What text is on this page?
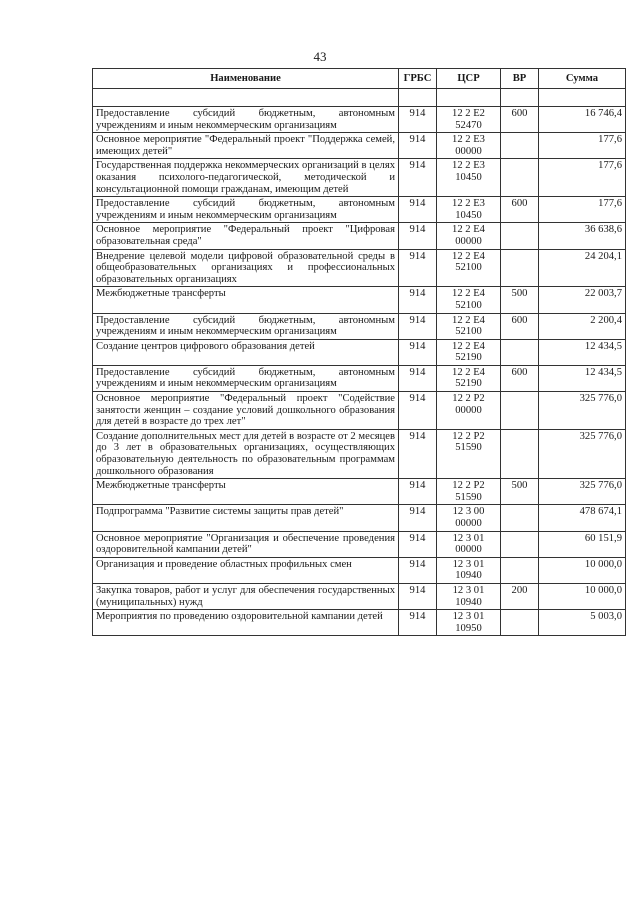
43
Наименование	ГРБС	ЦСР	ВР	Сумма

Предоставление субсидий бюджетным, автономным учреждениям и иным некоммерческим организациям	914	12 2 Е2 52470	600	16 746,4
Основное мероприятие "Федеральный проект "Поддержка семей, имеющих детей"	914	12 2 Е3 00000		177,6
Государственная поддержка некоммерческих организаций в целях оказания психолого-педагогической, методической и консультационной помощи гражданам, имеющим детей	914	12 2 Е3 10450		177,6
Предоставление субсидий бюджетным, автономным учреждениям и иным некоммерческим организациям	914	12 2 Е3 10450	600	177,6
Основное мероприятие "Федеральный проект "Цифровая образовательная среда"	914	12 2 Е4 00000		36 638,6
Внедрение целевой модели цифровой образовательной среды в общеобразовательных организациях и профессиональных образовательных организациях	914	12 2 Е4 52100		24 204,1
Межбюджетные трансферты	914	12 2 Е4 52100	500	22 003,7
Предоставление субсидий бюджетным, автономным учреждениям и иным некоммерческим организациям	914	12 2 Е4 52100	600	2 200,4
Создание центров цифрового образования детей	914	12 2 Е4 52190		12 434,5
Предоставление субсидий бюджетным, автономным учреждениям и иным некоммерческим организациям	914	12 2 Е4 52190	600	12 434,5
Основное мероприятие "Федеральный проект "Содействие занятости женщин – создание условий дошкольного образования для детей в возрасте до трех лет"	914	12 2 Р2 00000		325 776,0
Создание дополнительных мест для детей в возрасте от 2 месяцев до 3 лет в образовательных организациях, осуществляющих образовательную деятельность по образовательным программам дошкольного образования	914	12 2 Р2 51590		325 776,0
Межбюджетные трансферты	914	12 2 Р2 51590	500	325 776,0
Подпрограмма "Развитие системы защиты прав детей"	914	12 3 00 00000		478 674,1
Основное мероприятие "Организация и обеспечение проведения оздоровительной кампании детей"	914	12 3 01 00000		60 151,9
Организация и проведение областных профильных смен	914	12 3 01 10940		10 000,0
Закупка товаров, работ и услуг для обеспечения государственных (муниципальных) нужд	914	12 3 01 10940	200	10 000,0
Мероприятия по проведению оздоровительной кампании детей	914	12 3 01 10950		5 003,0
